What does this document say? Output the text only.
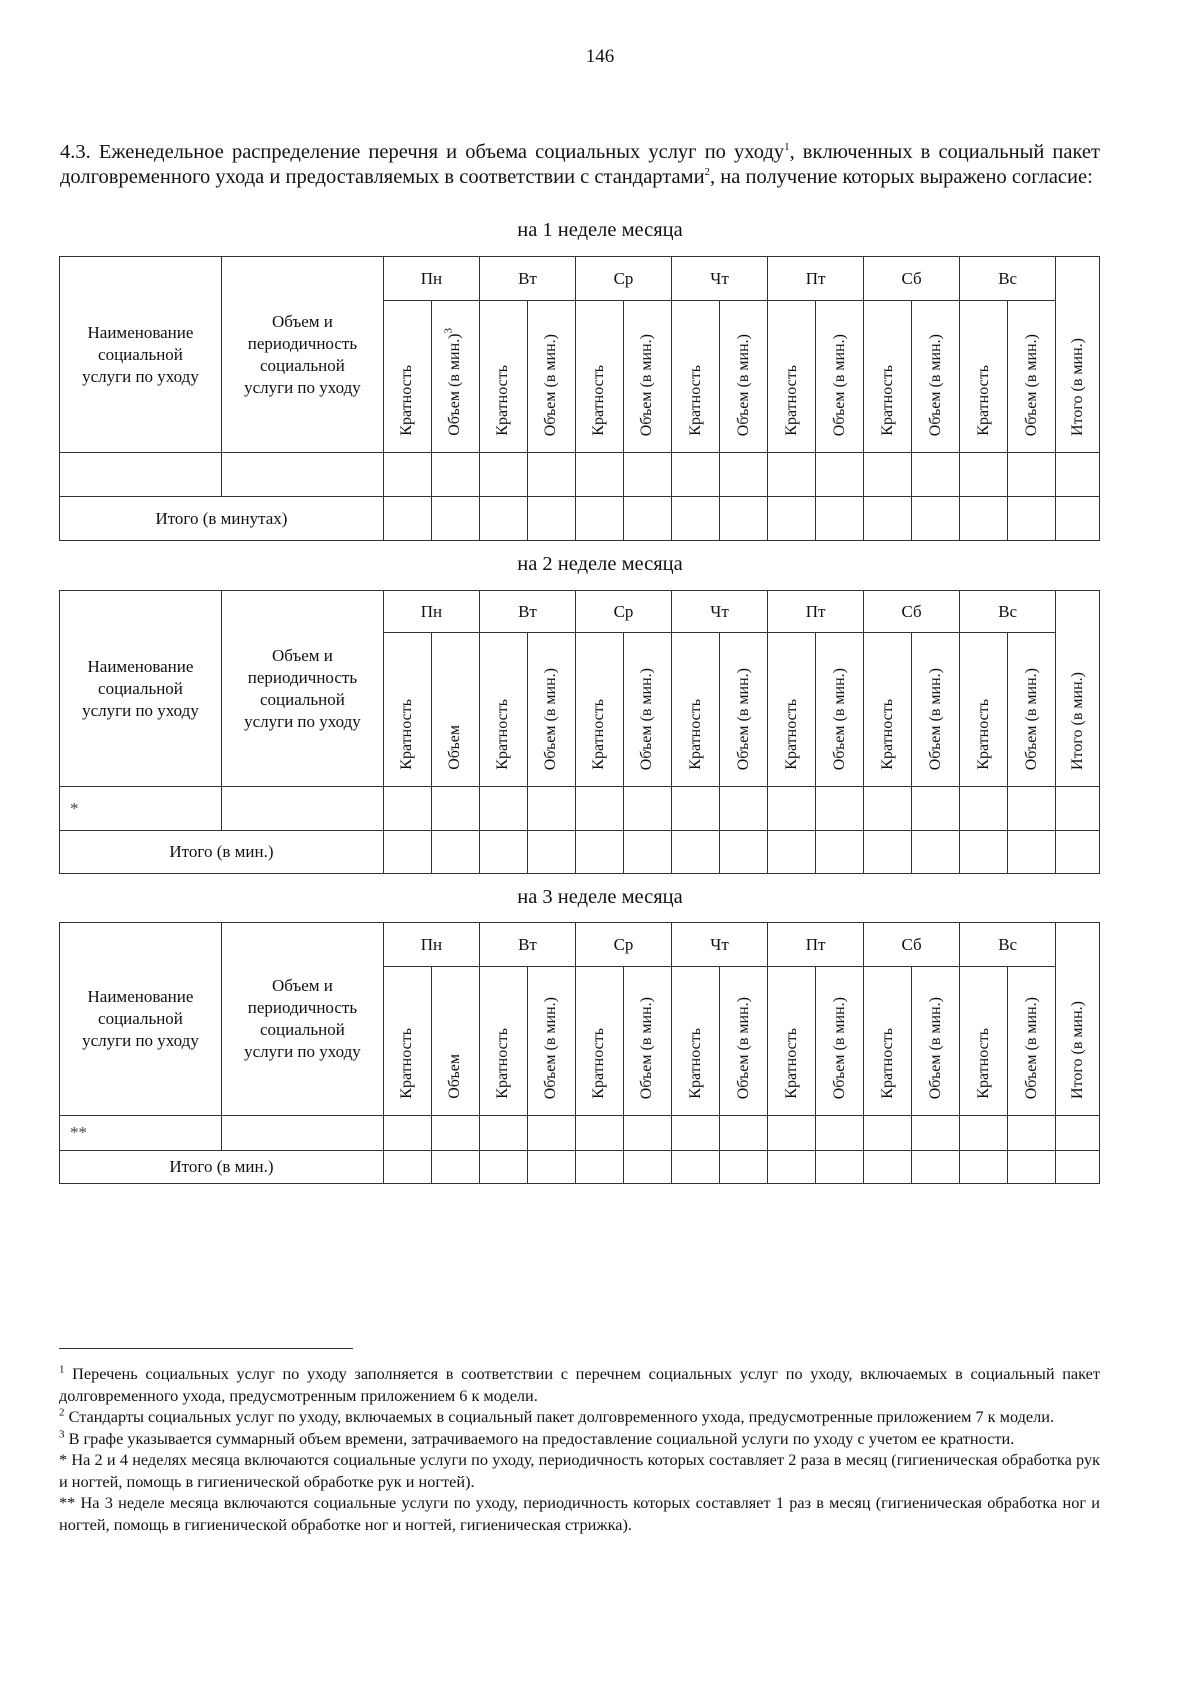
146
4.3. Еженедельное распределение перечня и объема социальных услуг по уходу$^1$, включенных в социальный пакет долговременного ухода и предоставляемых в соответствии с стандартами$^2$, на получение которых выражено согласие:
на 1 неделе месяца
Наименование социальной услуги по уходу	Объем и периодичность социальной услуги по уходу	Пн		Вт		Ср		Чт		Пт		Сб		Вс		Итого (в мин.)
		Кратность	Объем (в мин.)$^3$	Кратность	Объем (в мин.)	Кратность	Объем (в мин.)	Кратность	Объем (в мин.)	Кратность	Объем (в мин.)	Кратность	Объем (в мин.)	Кратность	Объем (в мин.)	

Итого (в минутах)																
на 2 неделе месяца
Наименование социальной услуги по уходу	Объем и периодичность социальной услуги по уходу	Пн		Вт		Ср		Чт		Пт		Сб		Вс		Итого (в мин.)
		Кратность	Объем	Кратность	Объем (в мин.)	Кратность	Объем (в мин.)	Кратность	Объем (в мин.)	Кратность	Объем (в мин.)	Кратность	Объем (в мин.)	Кратность	Объем (в мин.)	
*																
Итого (в мин.)																
на 3 неделе месяца
Наименование социальной услуги по уходу	Объем и периодичность социальной услуги по уходу	Пн		Вт		Ср		Чт		Пт		Сб		Вс		Итого (в мин.)
		Кратность	Объем	Кратность	Объем (в мин.)	Кратность	Объем (в мин.)	Кратность	Объем (в мин.)	Кратность	Объем (в мин.)	Кратность	Объем (в мин.)	Кратность	Объем (в мин.)	
**																
Итого (в мин.)																

$^1$ Перечень социальных услуг по уходу заполняется в соответствии с перечнем социальных услуг по уходу, включаемых в социальный пакет долговременного ухода, предусмотренным приложением 6 к модели.

$^2$ Стандарты социальных услуг по уходу, включаемых в социальный пакет долговременного ухода, предусмотренные приложением 7 к модели.

$^3$ В графе указывается суммарный объем времени, затрачиваемого на предоставление социальной услуги по уходу с учетом ее кратности.

* На 2 и 4 неделях месяца включаются социальные услуги по уходу, периодичность которых составляет 2 раза в месяц (гигиеническая обработка рук и ногтей, помощь в гигиенической обработке рук и ногтей).

** На 3 неделе месяца включаются социальные услуги по уходу, периодичность которых составляет 1 раз в месяц (гигиеническая обработка ног и ногтей, помощь в гигиенической обработке ног и ногтей, гигиеническая стрижка).
